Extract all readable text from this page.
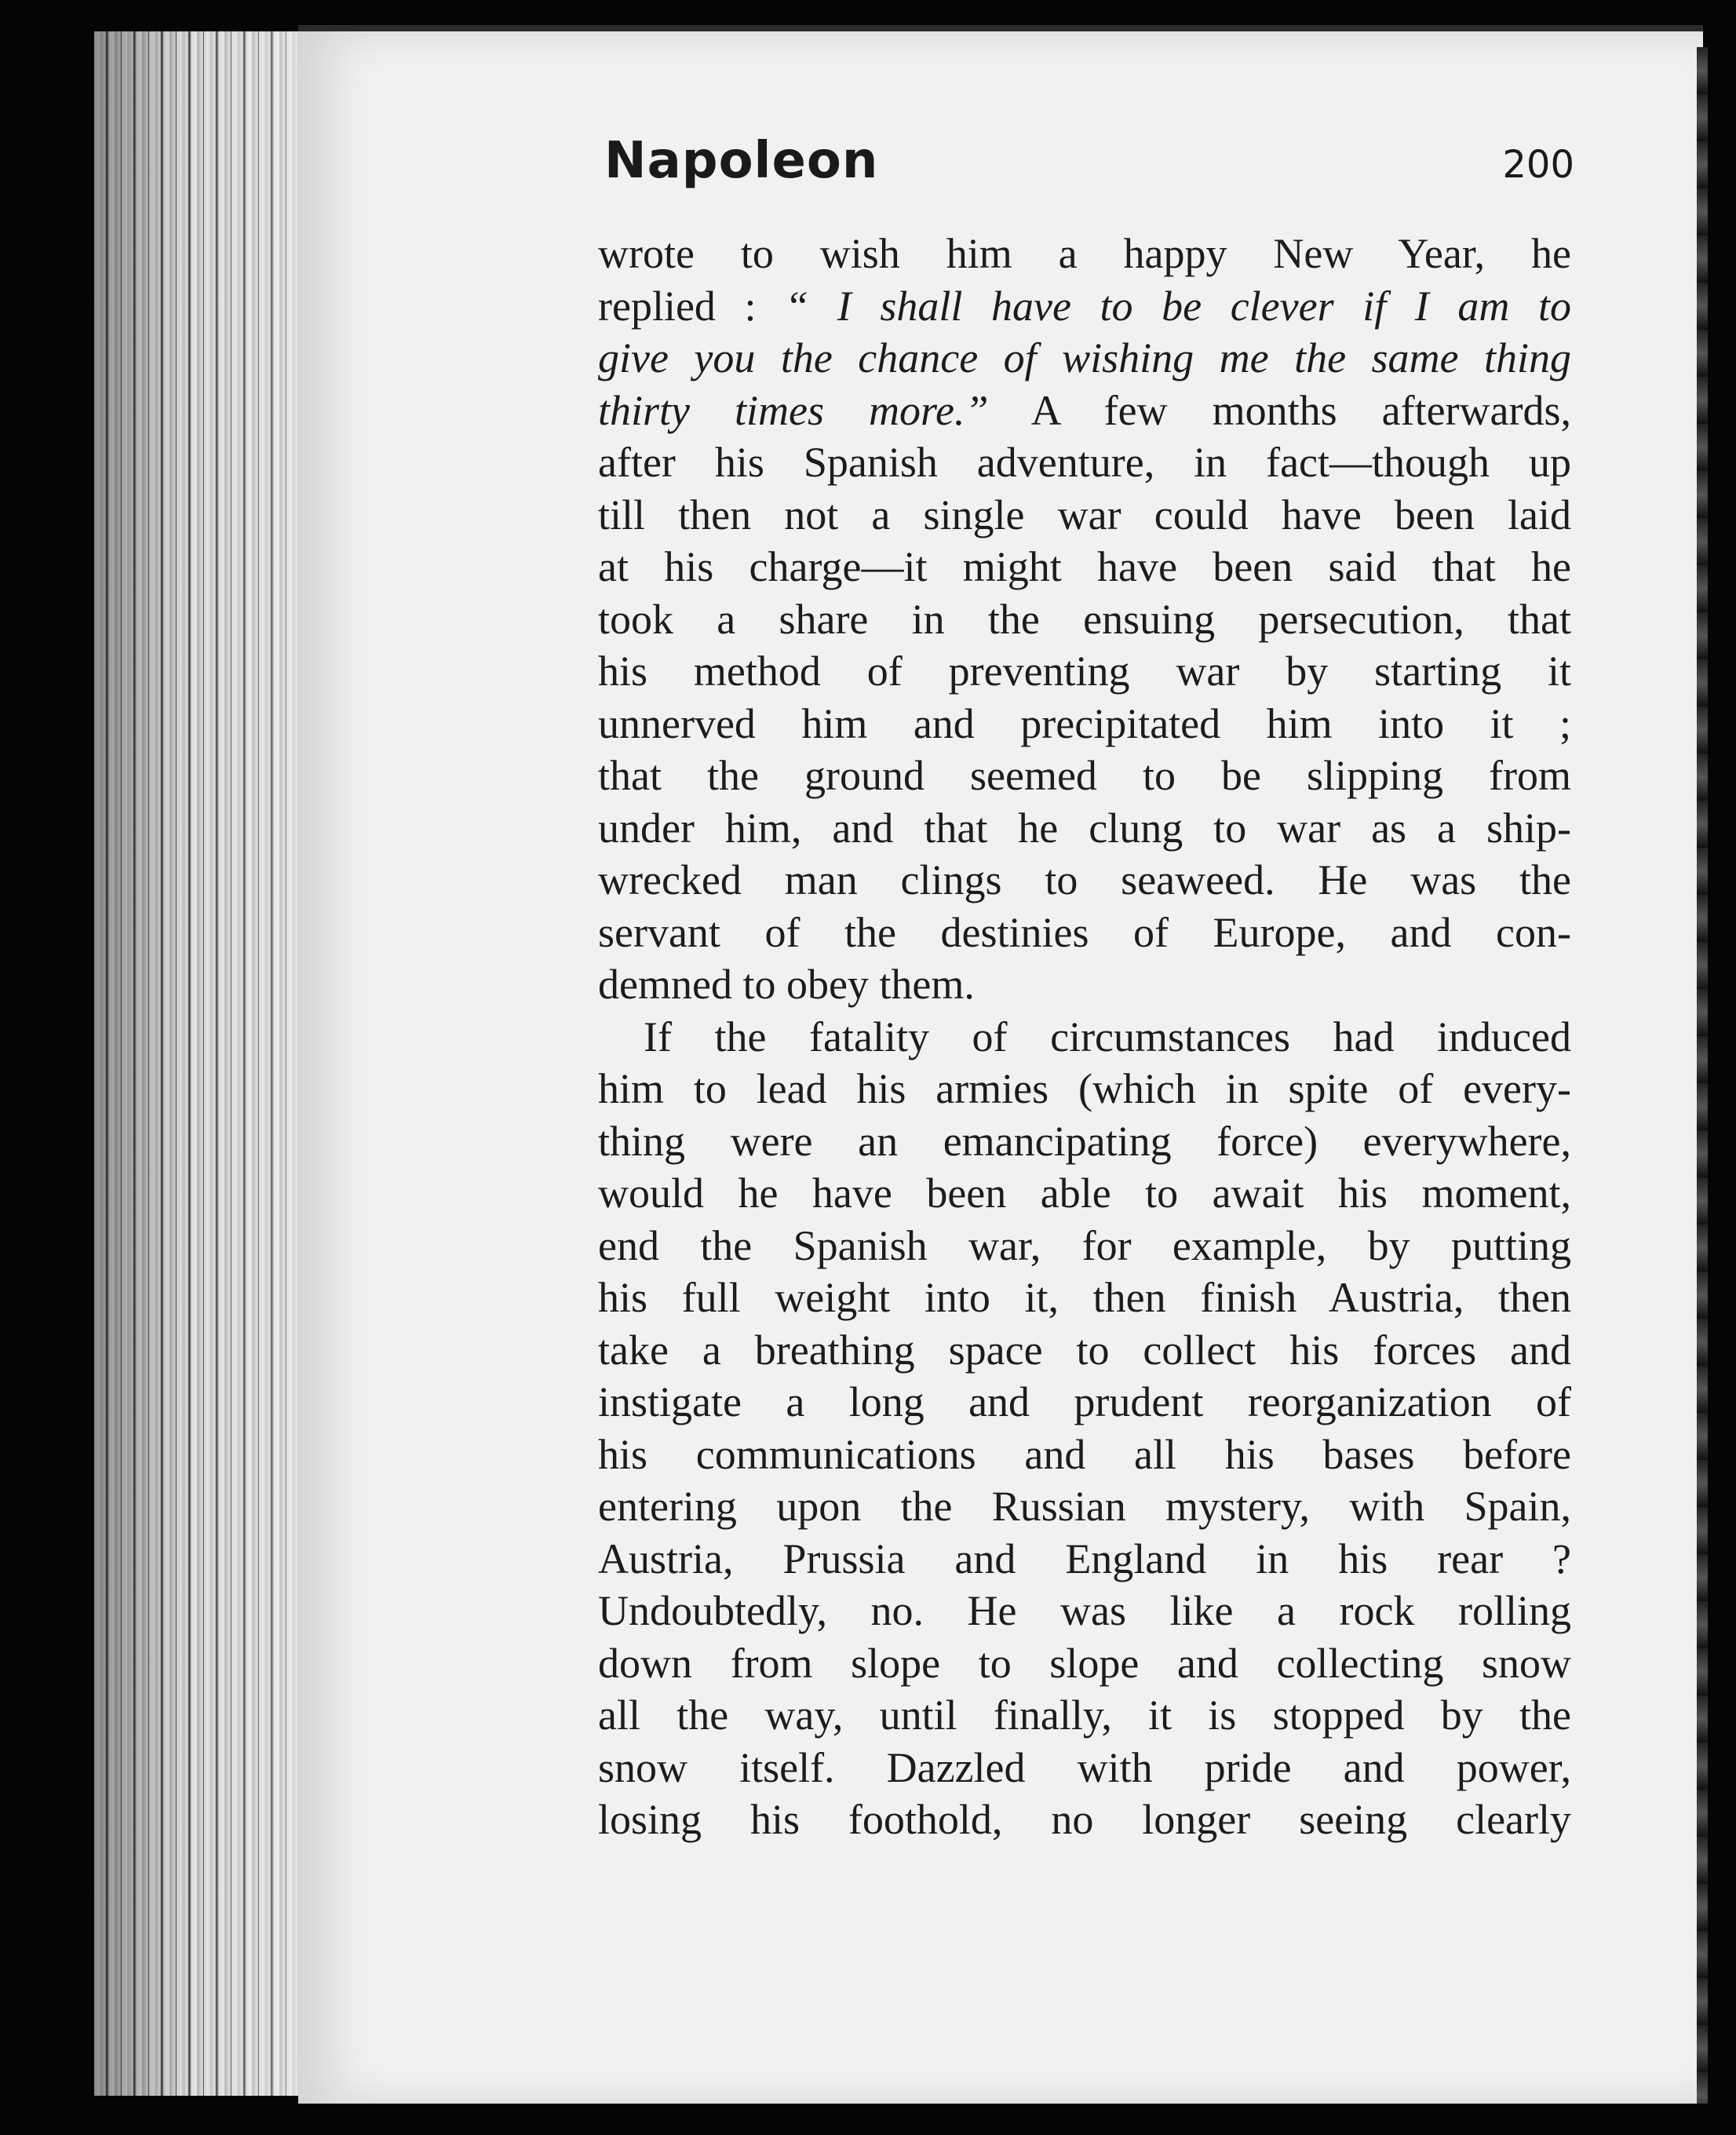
Napoleon	200
wrote to wish him a happy New Year, he
replied : “ I shall have to be clever if I am to
give you the chance of wishing me the same thing
thirty times more.” A few months afterwards,
after his Spanish adventure, in fact—though up
till then not a single war could have been laid
at his charge—it might have been said that he
took a share in the ensuing persecution, that
his method of preventing war by starting it
unnerved him and precipitated him into it ;
that the ground seemed to be slipping from
under him, and that he clung to war as a ship-
wrecked man clings to seaweed. He was the
servant of the destinies of Europe, and con-
demned to obey them.
If the fatality of circumstances had induced
him to lead his armies (which in spite of every-
thing were an emancipating force) everywhere,
would he have been able to await his moment,
end the Spanish war, for example, by putting
his full weight into it, then finish Austria, then
take a breathing space to collect his forces and
instigate a long and prudent reorganization of
his communications and all his bases before
entering upon the Russian mystery, with Spain,
Austria, Prussia and England in his rear ?
Undoubtedly, no. He was like a rock rolling
down from slope to slope and collecting snow
all the way, until finally, it is stopped by the
snow itself. Dazzled with pride and power,
losing his foothold, no longer seeing clearly
